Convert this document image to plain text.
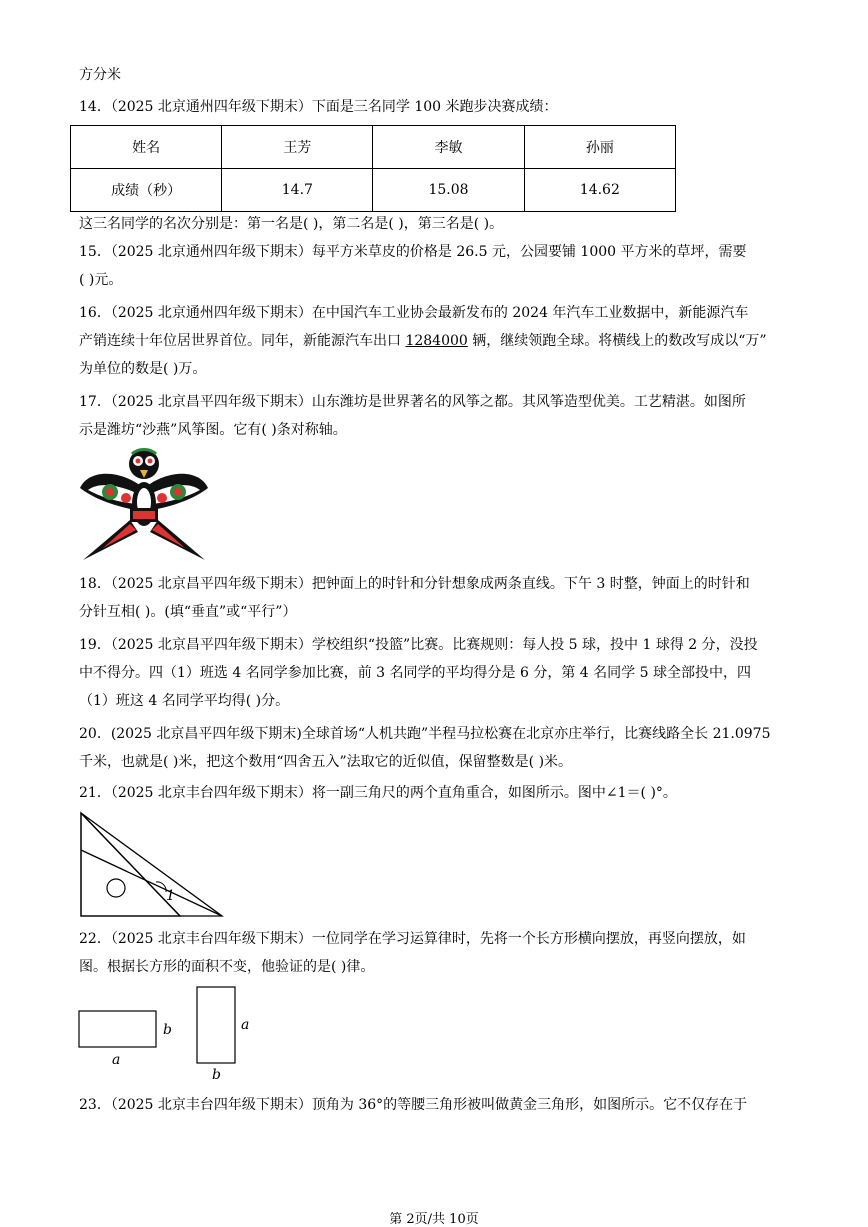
方分米
14．（2025 北京通州四年级下期末）下面是三名同学 100 米跑步决赛成绩：
姓名	王芳	李敏	孙丽
成绩（秒）	14.7	15.08	14.62
这三名同学的名次分别是：第一名是( )，第二名是( )，第三名是( )。
15．（2025 北京通州四年级下期末）每平方米草皮的价格是 26.5 元，公园要铺 1000 平方米的草坪，需要
( )元。
16．（2025 北京通州四年级下期末）在中国汽车工业协会最新发布的 2024 年汽车工业数据中，新能源汽车
产销连续十年位居世界首位。同年，新能源汽车出口 1284000 辆，继续领跑全球。将横线上的数改写成以“万”
为单位的数是( )万。
17．（2025 北京昌平四年级下期末）山东潍坊是世界著名的风筝之都。其风筝造型优美。工艺精湛。如图所
示是潍坊“沙燕”风筝图。它有( )条对称轴。
18．（2025 北京昌平四年级下期末）把钟面上的时针和分针想象成两条直线。下午 3 时整，钟面上的时针和
分针互相( )。(填“垂直”或“平行”）
19．（2025 北京昌平四年级下期末）学校组织“投篮”比赛。比赛规则：每人投 5 球，投中 1 球得 2 分，没投
中不得分。四（1）班选 4 名同学参加比赛，前 3 名同学的平均得分是 6 分，第 4 名同学 5 球全部投中，四
（1）班这 4 名同学平均得( )分。
20．(2025 北京昌平四年级下期末)全球首场“人机共跑”半程马拉松赛在北京亦庄举行，比赛线路全长 21.0975
千米，也就是( )米，把这个数用“四舍五入”法取它的近似值，保留整数是( )米。
21．（2025 北京丰台四年级下期末）将一副三角尺的两个直角重合，如图所示。图中∠1＝( )°。
1
22．（2025 北京丰台四年级下期末）一位同学在学习运算律时，先将一个长方形横向摆放，再竖向摆放，如
图。根据长方形的面积不变，他验证的是( )律。
b
a
a
b
23．（2025 北京丰台四年级下期末）顶角为 36°的等腰三角形被叫做黄金三角形，如图所示。它不仅存在于
第 2页/共 10页
